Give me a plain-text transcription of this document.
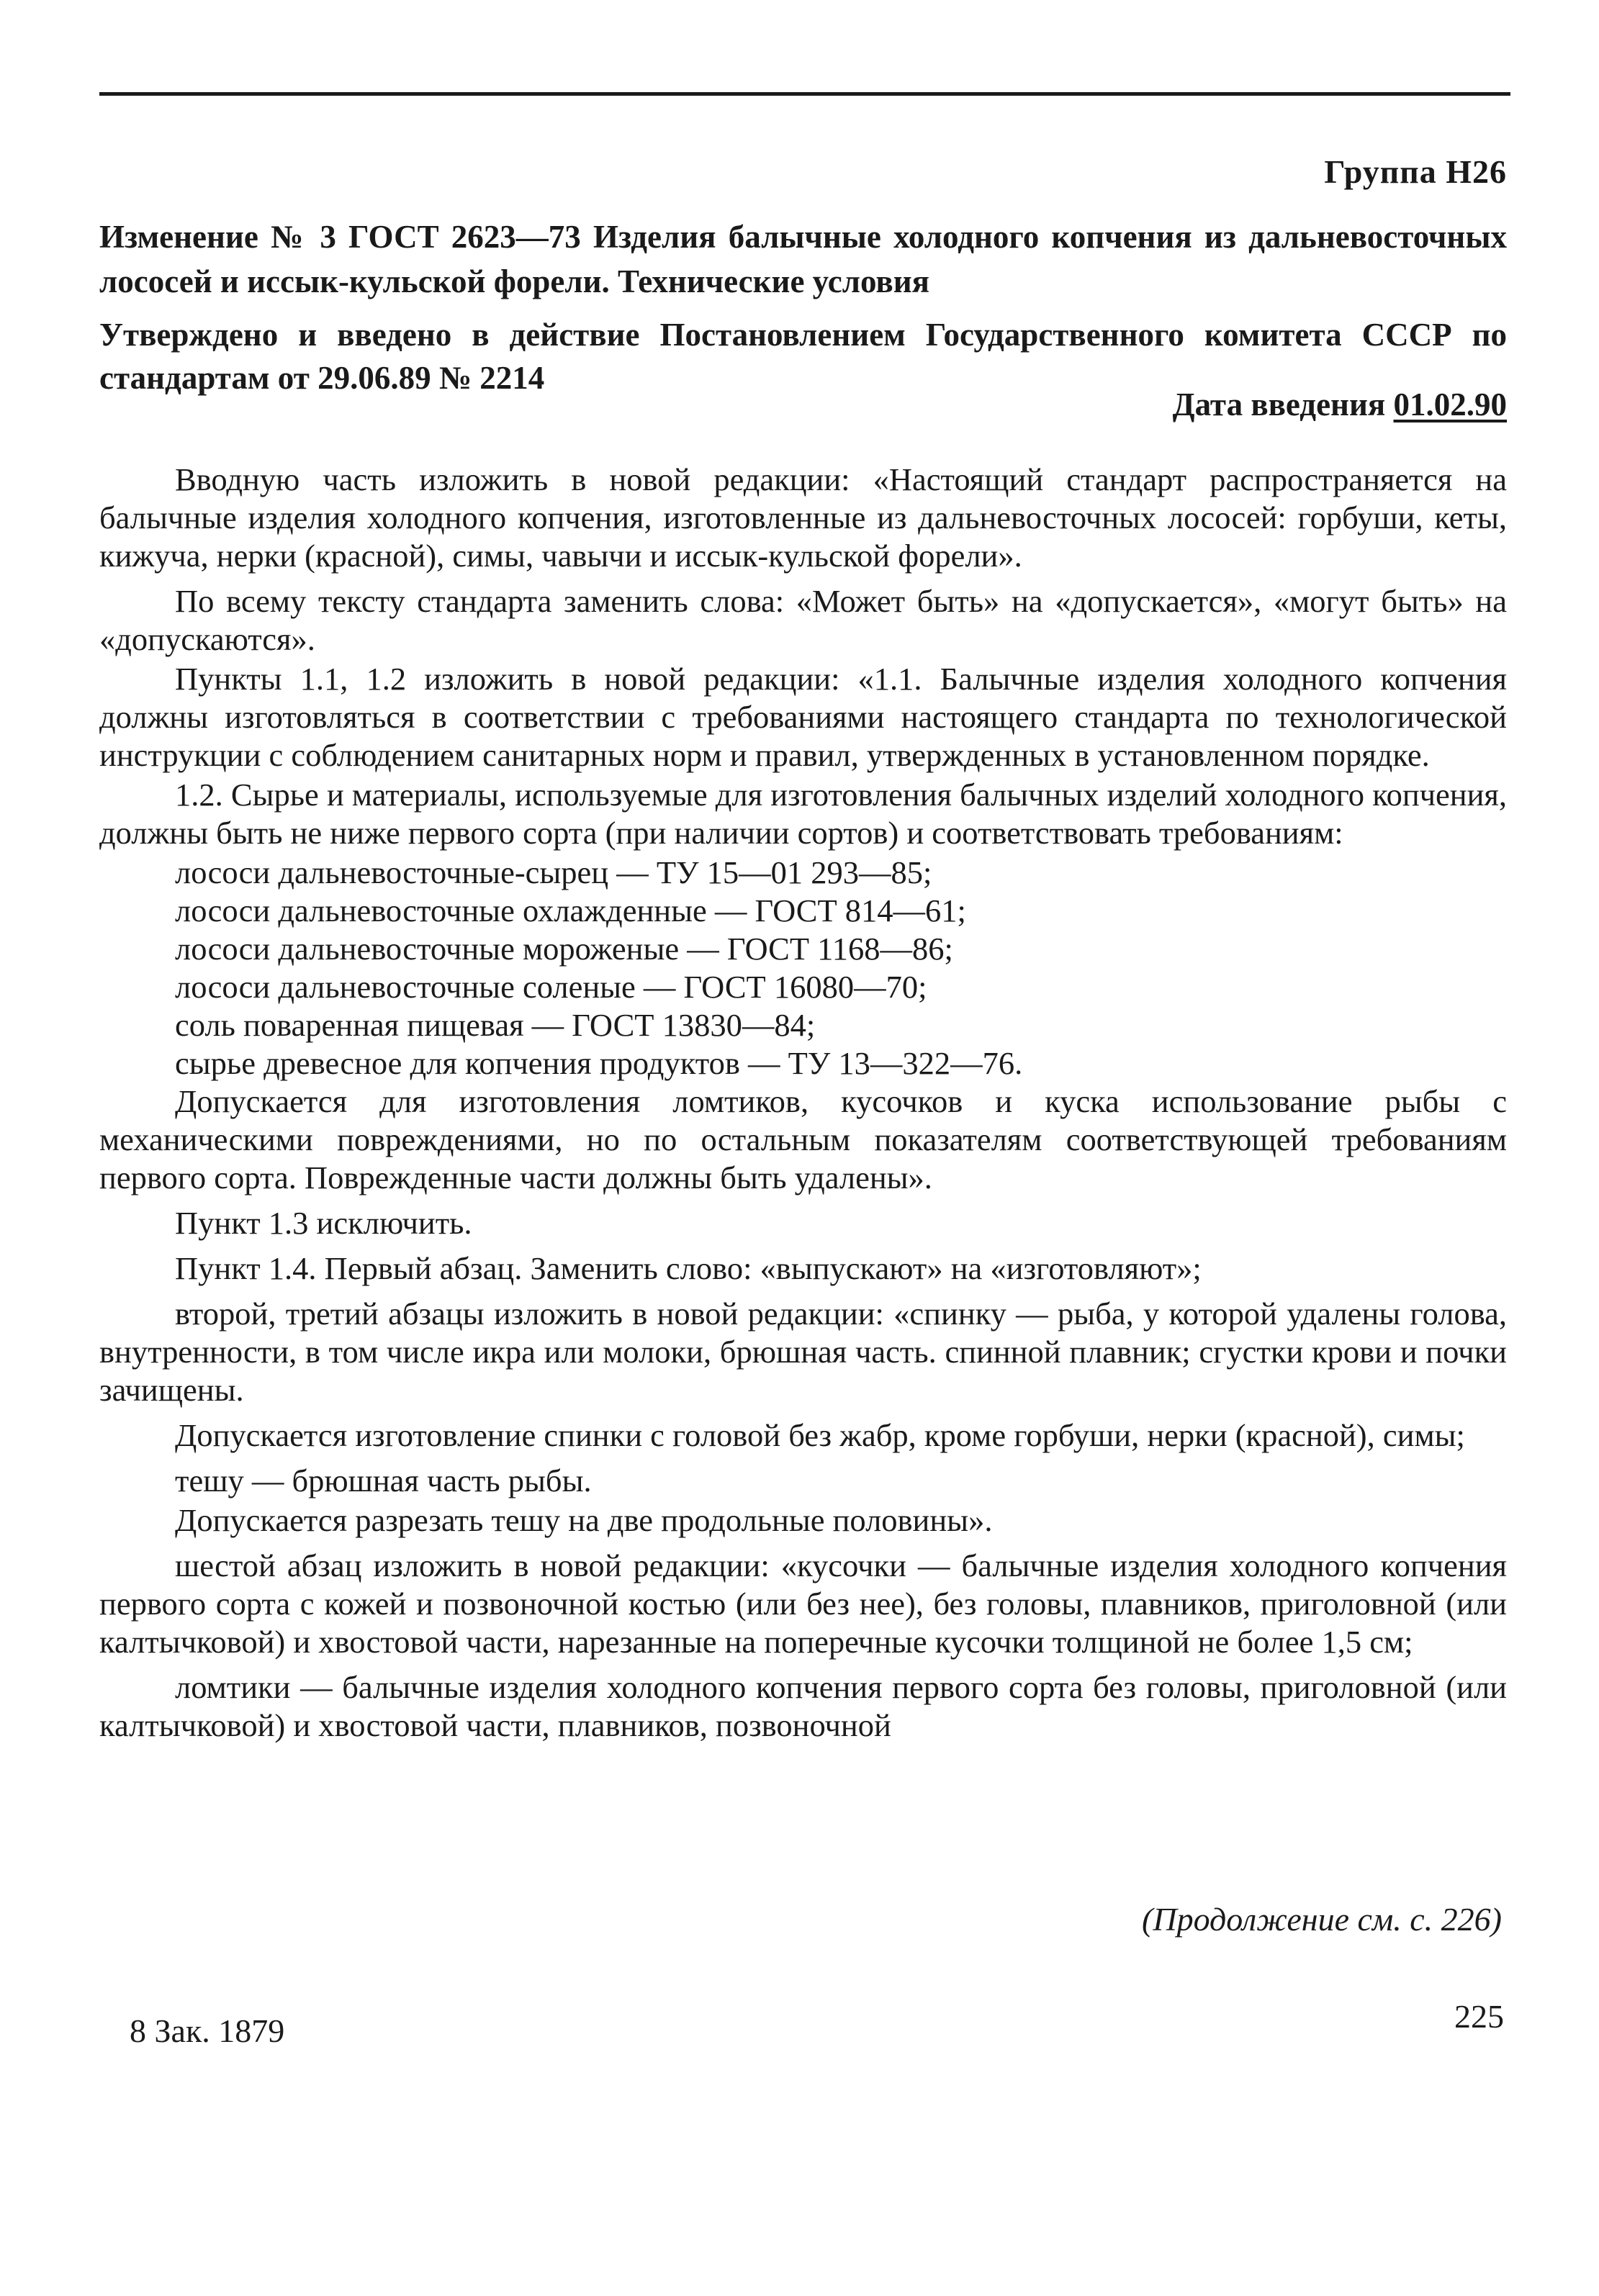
Группа Н26
Изменение № 3 ГОСТ 2623—73 Изделия балычные холодного копчения из дальневосточных лососей и иссык-кульской форели. Технические условия
Утверждено и введено в действие Постановлением Государственного комитета СССР по стандартам от 29.06.89 № 2214
Дата введения 01.02.90

Вводную часть изложить в новой редакции: «Настоящий стандарт распространяется на балычные изделия холодного копчения, изготовленные из дальневосточных лососей: горбуши, кеты, кижуча, нерки (красной), симы, чавычи и иссык-кульской форели».

По всему тексту стандарта заменить слова: «Может быть» на «допускается», «могут быть» на «допускаются».

Пункты 1.1, 1.2 изложить в новой редакции: «1.1. Балычные изделия холодного копчения должны изготовляться в соответствии с требованиями настоящего стандарта по технологической инструкции с соблюдением санитарных норм и правил, утвержденных в установленном порядке.

1.2. Сырье и материалы, используемые для изготовления балычных изделий холодного копчения, должны быть не ниже первого сорта (при наличии сортов) и соответствовать требованиям:

лососи дальневосточные-сырец — ТУ 15—01 293—85;

лососи дальневосточные охлажденные — ГОСТ 814—61;

лососи дальневосточные мороженые — ГОСТ 1168—86;

лососи дальневосточные соленые — ГОСТ 16080—70;

соль поваренная пищевая — ГОСТ 13830—84;

сырье древесное для копчения продуктов — ТУ 13—322—76.

Допускается для изготовления ломтиков, кусочков и куска использование рыбы с механическими повреждениями, но по остальным показателям соответствующей требованиям первого сорта. Поврежденные части должны быть удалены».

Пункт 1.3 исключить.

Пункт 1.4. Первый абзац. Заменить слово: «выпускают» на «изготовляют»;

второй, третий абзацы изложить в новой редакции: «спинку — рыба, у которой удалены голова, внутренности, в том числе икра или молоки, брюшная часть. спинной плавник; сгустки крови и почки зачищены.

Допускается изготовление спинки с головой без жабр, кроме горбуши, нерки (красной), симы;

тешу — брюшная часть рыбы.

Допускается разрезать тешу на две продольные половины».

шестой абзац изложить в новой редакции: «кусочки — балычные изделия холодного копчения первого сорта с кожей и позвоночной костью (или без нее), без головы, плавников, приголовной (или калтычковой) и хвостовой части, нарезанные на поперечные кусочки толщиной не более 1,5 см;

ломтики — балычные изделия холодного копчения первого сорта без головы, приголовной (или калтычковой) и хвостовой части, плавников, позвоночной

(Продолжение см. с. 226)
8 Зак. 1879	225
